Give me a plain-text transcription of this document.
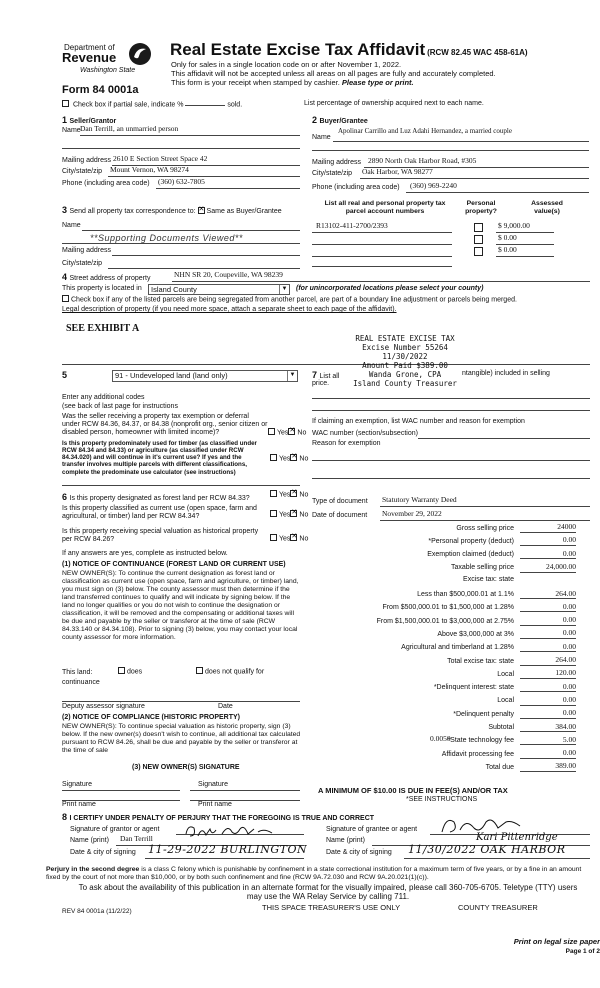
Department of
Revenue
Washington State
Form 84 0001a
Real Estate Excise Tax Affidavit (RCW 82.45 WAC 458-61A)
Only for sales in a single location code on or after November 1, 2022.
This affidavit will not be accepted unless all areas on all pages are fully and accurately completed.
This form is your receipt when stamped by cashier. Please type or print.
Check box if partial sale, indicate %	sold.	List percentage of ownership acquired next to each name.
1 Seller/Grantor
Name Dan Terrill, an unmarried person
Mailing address 2610 E Section Street Space 42
City/state/zip Mount Vernon, WA 98274
Phone (including area code) (360) 632-7805
2 Buyer/Grantee
Name
Apolinar Carrillo and Luz Adahi Hernandez, a married couple
Mailing address 2890 North Oak Harbor Road, #305
City/state/zip Oak Harbor, WA 98277
Phone (including area code) (360) 969-2240
3 Send all property tax correspondence to: ✕ Same as Buyer/Grantee
Name
**Supporting Documents Viewed**
Mailing address
City/state/zip
List all real and personal property tax parcel account numbers
Personal property?
Assessed value(s)
R13102-411-2700/2393	$ 9,000.00
$ 0.00
$ 0.00
4 Street address of property	NHN SR 20, Coupeville, WA 98239
This property is located in	Island County	▼ (for unincorporated locations please select your county)
Check box if any of the listed parcels are being segregated from another parcel, are part of a boundary line adjustment or parcels being merged.
Legal description of property (if you need more space, attach a separate sheet to each page of the affidavit).
SEE EXHIBIT A
REAL ESTATE EXCISE TAX
Excise Number 55264
11/30/2022
Amount Paid $389.00
Wanda Grone, CPA
Island County Treasurer
5	91 - Undeveloped land (land only)	▼
Enter any additional codes
(see back of last page for instructions
Was the seller receiving a property tax exemption or deferral under RCW 84.36, 84.37, or 84.38 (nonprofit org., senior citizen or disabled person, homeowner with limited income)?	Yes ✕ No
Is this property predominately used for timber (as classified under RCW 84.34 and 84.33) or agriculture (as classified under RCW 84.34.020) and will continue in it's current use? If yes and the transfer involves multiple parcels with different classifications, complete the predominate use calculator (see instructions)
Yes ✕ No
6 Is this property designated as forest land per RCW 84.33?
Yes ✕ No
Is this property classified as current use (open space, farm and agricultural, or timber) land per RCW 84.34?	Yes ✕ No
Is this property receiving special valuation as historical property per RCW 84.26?	Yes ✕ No
If any answers are yes, complete as instructed below.
(1) NOTICE OF CONTINUANCE (FOREST LAND OR CURRENT USE)
NEW OWNER(S): To continue the current designation as forest land or classification as current use (open space, farm and agriculture, or timber) land, you must sign on (3) below. The county assessor must then determine if the land transferred continues to qualify and will indicate by signing below. If the land no longer qualifies or you do not wish to continue the designation or classification, it will be removed and the compensating or additional taxes will be due and payable by the seller or transferor at the time of sale (RCW 84.33.140 or 84.34.108). Prior to signing (3) below, you may contact your local county assessor for more information.
This land:	does	does not qualify for
continuance
Deputy assessor signature	Date
(2) NOTICE OF COMPLIANCE (HISTORIC PROPERTY)
NEW OWNER(S): To continue special valuation as historic property, sign (3) below. If the new owner(s) doesn't wish to continue, all additional tax calculated pursuant to RCW 84.26, shall be due and payable by the seller or transferor at the time of sale
(3) NEW OWNER(S) SIGNATURE
Signature	Signature
Print name	Print name
7 List all	ntangible) included in selling
price.
If claiming an exemption, list WAC number and reason for exemption
WAC number (section/subsection)
Reason for exemption
Type of document Statutory Warranty Deed
Date of document November 29, 2022
Gross selling price	24000
*Personal property (deduct)	0.00
Exemption claimed (deduct)	0.00
Taxable selling price	24,000.00
Excise tax: state
Less than $500,000.01 at 1.1%	264.00
From $500,000.01 to $1,500,000 at 1.28%	0.00
From $1,500,000.01 to $3,000,000 at 2.75%	0.00
Above $3,000,000 at 3%	0.00
Agricultural and timberland at 1.28%	0.00
Total excise tax: state	264.00
Local	120.00
*Delinquent interest: state	0.00
Local	0.00
*Delinquent penalty	0.00
Subtotal	384.00
*State technology fee	5.00
Affidavit processing fee	0.00
Total due	389.00
0.0050
A MINIMUM OF $10.00 IS DUE IN FEE(S) AND/OR TAX
*SEE INSTRUCTIONS
8 I CERTIFY UNDER PENALTY OF PERJURY THAT THE FOREGOING IS TRUE AND CORRECT
Signature of grantor or agent
Name (print) Dan Terrill
Date & city of signing 11-29-2022 BURLINGTON
Signature of grantee or agent
Name (print)	Kari Pittenridge
Date & city of signing 11/30/2022 OAK HARBOR
Perjury in the second degree is a class C felony which is punishable by confinement in a state correctional institution for a maximum term of five years, or by a fine in an amount fixed by the court of not more than $10,000, or by both such confinement and fine (RCW 9A.72.030 and RCW 9A.20.021(1)(c)).
To ask about the availability of this publication in an alternate format for the visually impaired, please call 360-705-6705. Teletype (TTY) users may use the WA Relay Service by calling 711.
REV 84 0001a (11/2/22)	THIS SPACE TREASURER'S USE ONLY	COUNTY TREASURER
Print on legal size paper
Page 1 of 2
